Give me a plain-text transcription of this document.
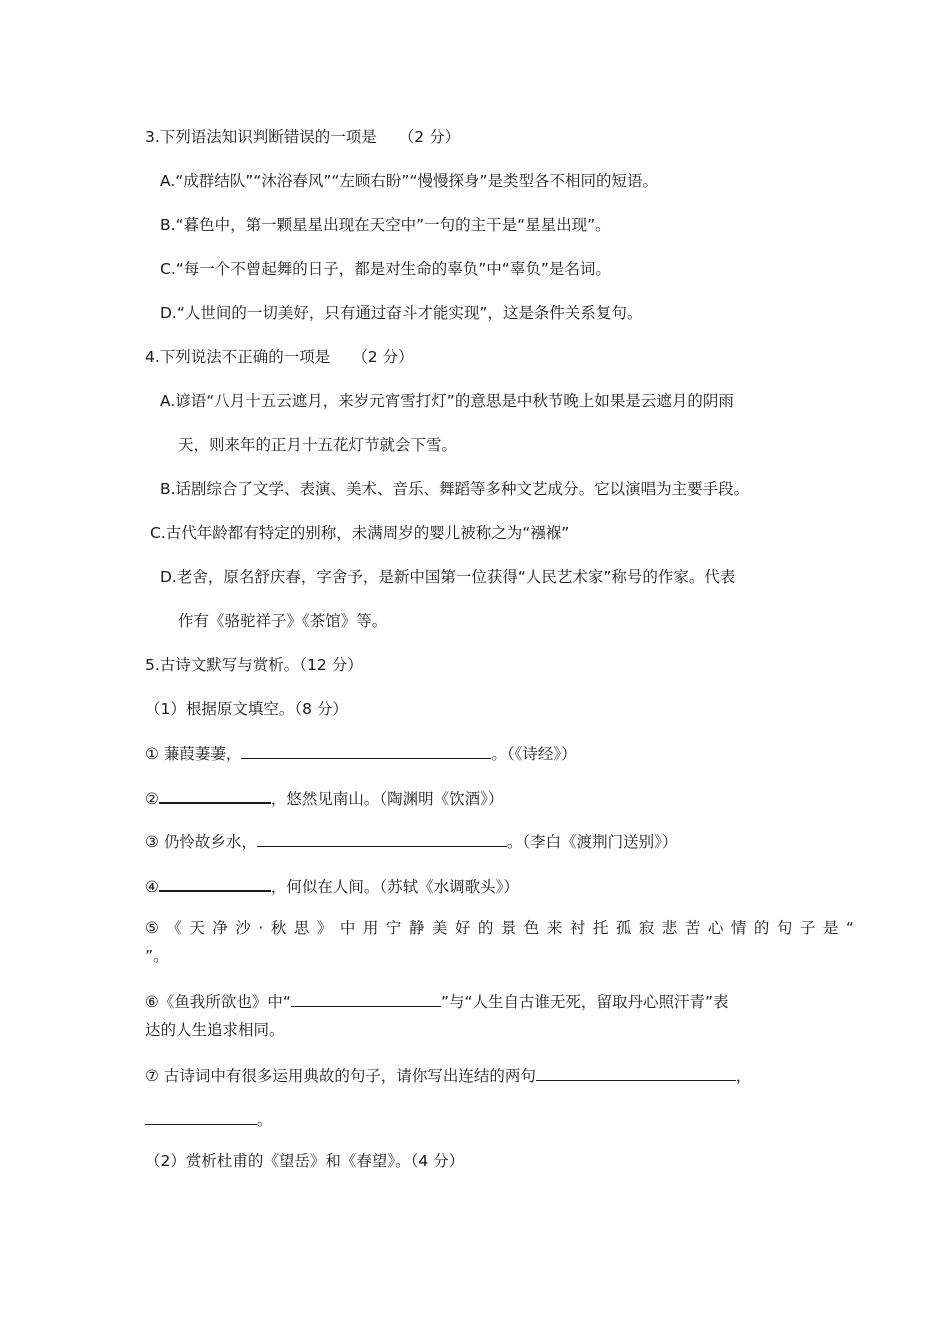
3.下列语法知识判断错误的一项是 （2 分）
A.“成群结队”“沐浴春风”“左顾右盼”“慢慢探身”是类型各不相同的短语。
B.“暮色中，第一颗星星出现在天空中”一句的主干是“星星出现”。
C.“每一个不曾起舞的日子，都是对生命的辜负”中“辜负”是名词。
D.“人世间的一切美好，只有通过奋斗才能实现”，这是条件关系复句。
4.下列说法不正确的一项是 （2 分）
A.谚语“八月十五云遮月，来岁元宵雪打灯”的意思是中秋节晚上如果是云遮月的阴雨
天，则来年的正月十五花灯节就会下雪。
B.话剧综合了文学、表演、美术、音乐、舞蹈等多种文艺成分。它以演唱为主要手段。
C.古代年龄都有特定的别称，未满周岁的婴儿被称之为“襁褓”
D.老舍，原名舒庆春，字舍予，是新中国第一位获得“人民艺术家”称号的作家。代表
作有《骆驼祥子》《茶馆》等。
5.古诗文默写与赏析。（12 分）
（1）根据原文填空。（8 分）
① 蒹葭萋萋，	。（《诗经》）
②	，悠然见南山。（陶渊明《饮酒》）
③ 仍怜故乡水，	。（李白《渡荆门送别》）
④	，何似在人间。（苏轼《水调歌头》）
⑤《天净沙·秋思》中用宁静美好的景色来衬托孤寂悲苦心情的句子是“
”。
⑥《鱼我所欲也》中“	”与“人生自古谁无死，留取丹心照汗青”表
达的人生追求相同。
⑦ 古诗词中有很多运用典故的句子，请你写出连结的两句	，
。
（2）赏析杜甫的《望岳》和《春望》。（4 分）
